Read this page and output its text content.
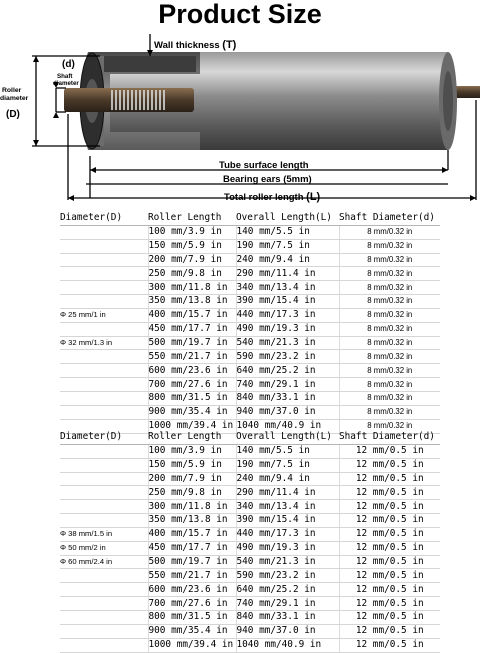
Product Size
Wall thickness (T)
(d)
Shaft
diameter
Roller
diameter
(D)
Tube surface length
Bearing ears (5mm)
Total roller length (L)
Diameter(D)	Roller Length	Overall Length(L)	Shaft Diameter(d)
	100 mm/3.9 in	140 mm/5.5 in	8 mm/0.32 in
	150 mm/5.9 in	190 mm/7.5 in	8 mm/0.32 in
	200 mm/7.9 in	240 mm/9.4 in	8 mm/0.32 in
	250 mm/9.8 in	290 mm/11.4 in	8 mm/0.32 in
	300 mm/11.8 in	340 mm/13.4 in	8 mm/0.32 in
	350 mm/13.8 in	390 mm/15.4 in	8 mm/0.32 in
Φ 25 mm/1 in	400 mm/15.7 in	440 mm/17.3 in	8 mm/0.32 in
	450 mm/17.7 in	490 mm/19.3 in	8 mm/0.32 in
Φ 32 mm/1.3 in	500 mm/19.7 in	540 mm/21.3 in	8 mm/0.32 in
	550 mm/21.7 in	590 mm/23.2 in	8 mm/0.32 in
	600 mm/23.6 in	640 mm/25.2 in	8 mm/0.32 in
	700 mm/27.6 in	740 mm/29.1 in	8 mm/0.32 in
	800 mm/31.5 in	840 mm/33.1 in	8 mm/0.32 in
	900 mm/35.4 in	940 mm/37.0 in	8 mm/0.32 in
	1000 mm/39.4 in	1040 mm/40.9 in	8 mm/0.32 in
Diameter(D)	Roller Length	Overall Length(L)	Shaft Diameter(d)
	100 mm/3.9 in	140 mm/5.5 in	12 mm/0.5 in
	150 mm/5.9 in	190 mm/7.5 in	12 mm/0.5 in
	200 mm/7.9 in	240 mm/9.4 in	12 mm/0.5 in
	250 mm/9.8 in	290 mm/11.4 in	12 mm/0.5 in
	300 mm/11.8 in	340 mm/13.4 in	12 mm/0.5 in
	350 mm/13.8 in	390 mm/15.4 in	12 mm/0.5 in
Φ 38 mm/1.5 in	400 mm/15.7 in	440 mm/17.3 in	12 mm/0.5 in
Φ 50 mm/2 in	450 mm/17.7 in	490 mm/19.3 in	12 mm/0.5 in
Φ 60 mm/2.4 in	500 mm/19.7 in	540 mm/21.3 in	12 mm/0.5 in
	550 mm/21.7 in	590 mm/23.2 in	12 mm/0.5 in
	600 mm/23.6 in	640 mm/25.2 in	12 mm/0.5 in
	700 mm/27.6 in	740 mm/29.1 in	12 mm/0.5 in
	800 mm/31.5 in	840 mm/33.1 in	12 mm/0.5 in
	900 mm/35.4 in	940 mm/37.0 in	12 mm/0.5 in
	1000 mm/39.4 in	1040 mm/40.9 in	12 mm/0.5 in
